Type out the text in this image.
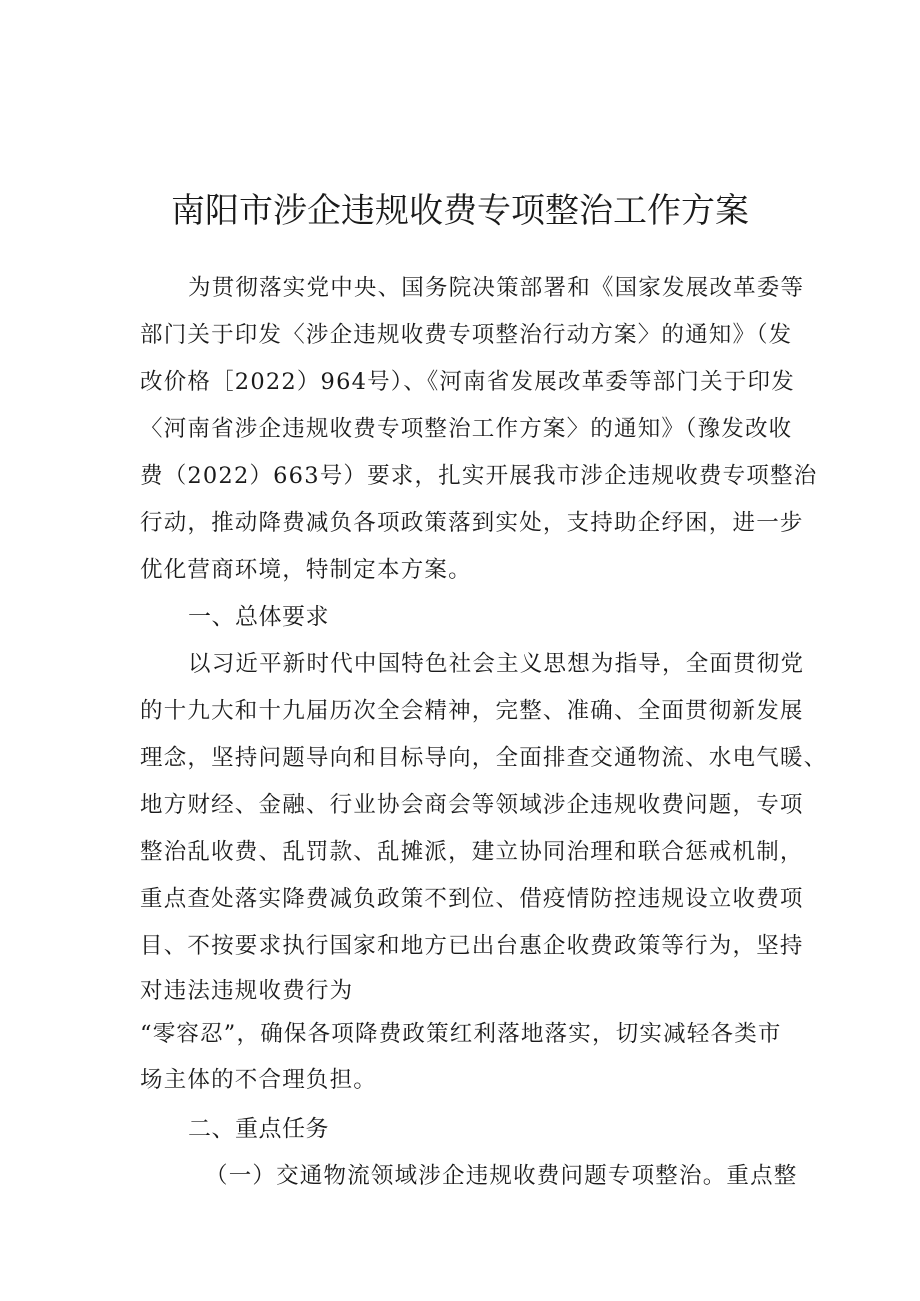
南阳市涉企违规收费专项整治工作方案
为贯彻落实党中央、国务院决策部署和《国家发展改革委等
部门关于印发〈涉企违规收费专项整治行动方案〉的通知》（发
改价格［2022）964号）、《河南省发展改革委等部门关于印发
〈河南省涉企违规收费专项整治工作方案〉的通知》（豫发改收
费（2022）663号）要求，扎实开展我市涉企违规收费专项整治
行动，推动降费减负各项政策落到实处，支持助企纾困，进一步
优化营商环境，特制定本方案。
一、总体要求
以习近平新时代中国特色社会主义思想为指导，全面贯彻党
的十九大和十九届历次全会精神，完整、准确、全面贯彻新发展
理念，坚持问题导向和目标导向，全面排查交通物流、水电气暖、
地方财经、金融、行业协会商会等领域涉企违规收费问题，专项
整治乱收费、乱罚款、乱摊派，建立协同治理和联合惩戒机制，
重点查处落实降费减负政策不到位、借疫情防控违规设立收费项
目、不按要求执行国家和地方已出台惠企收费政策等行为，坚持
对违法违规收费行为
“零容忍”，确保各项降费政策红利落地落实，切实减轻各类市
场主体的不合理负担。
二、重点任务
（一）交通物流领域涉企违规收费问题专项整治。重点整
